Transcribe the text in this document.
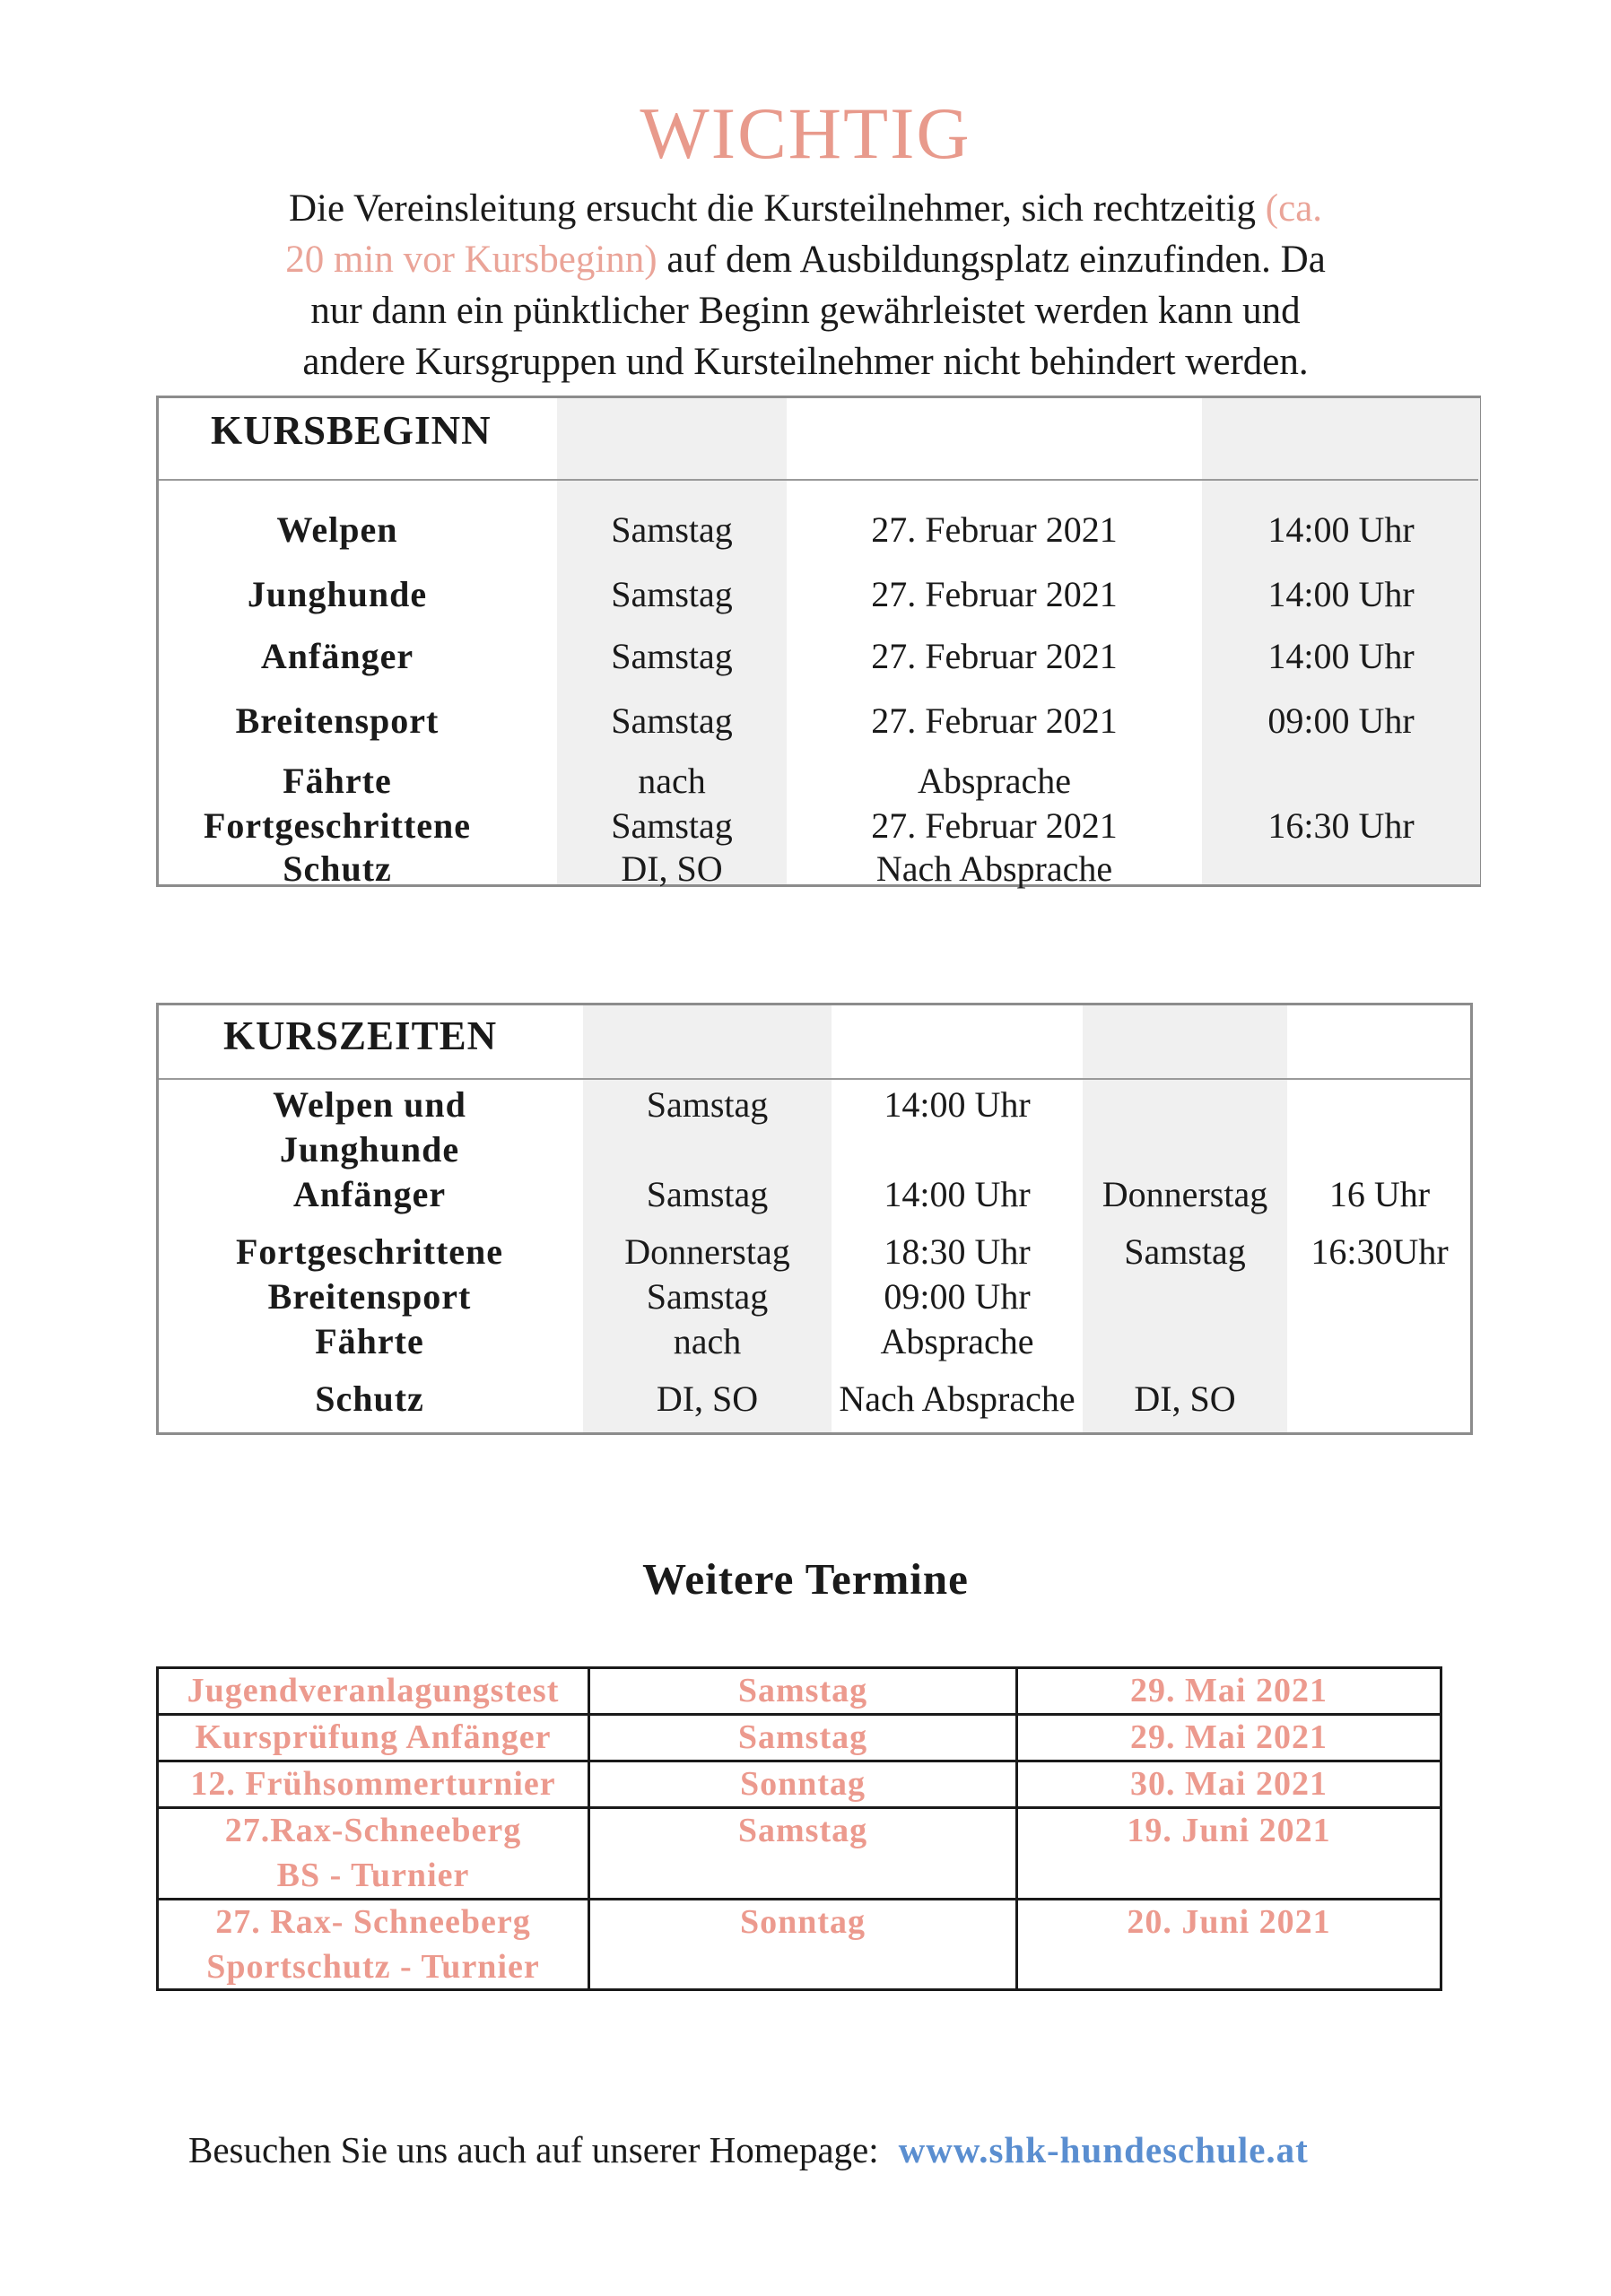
WICHTIG
Die Vereinsleitung ersucht die Kursteilnehmer, sich rechtzeitig (ca.
20 min vor Kursbeginn) auf dem Ausbildungsplatz einzufinden. Da
nur dann ein pünktlicher Beginn gewährleistet werden kann und
andere Kursgruppen und Kursteilnehmer nicht behindert werden.
KURSBEGINN
Welpen	Samstag	27. Februar 2021	14:00 Uhr
Junghunde	Samstag	27. Februar 2021	14:00 Uhr
Anfänger	Samstag	27. Februar 2021	14:00 Uhr
Breitensport	Samstag	27. Februar 2021	09:00 Uhr
Fährte	nach	Absprache
Fortgeschrittene	Samstag	27. Februar 2021	16:30 Uhr
Schutz	DI, SO	Nach Absprache
KURSZEITEN
Welpen und	Samstag	14:00 Uhr
Junghunde
Anfänger	Samstag	14:00 Uhr	Donnerstag	16 Uhr
Fortgeschrittene	Donnerstag	18:30 Uhr	Samstag	16:30Uhr
Breitensport	Samstag	09:00 Uhr
Fährte	nach	Absprache
Schutz	DI, SO	Nach Absprache	DI, SO
Weitere Termine
Jugendveranlagungstest	Samstag	29. Mai 2021
Kursprüfung Anfänger	Samstag	29. Mai 2021
12. Frühsommerturnier	Sonntag	30. Mai 2021
27.Rax-Schneeberg
BS - Turnier
Samstag	19. Juni 2021
27. Rax- Schneeberg
Sportschutz - Turnier
Sonntag	20. Juni 2021
Besuchen Sie uns auch auf unserer Homepage: www.shk-hundeschule.at
